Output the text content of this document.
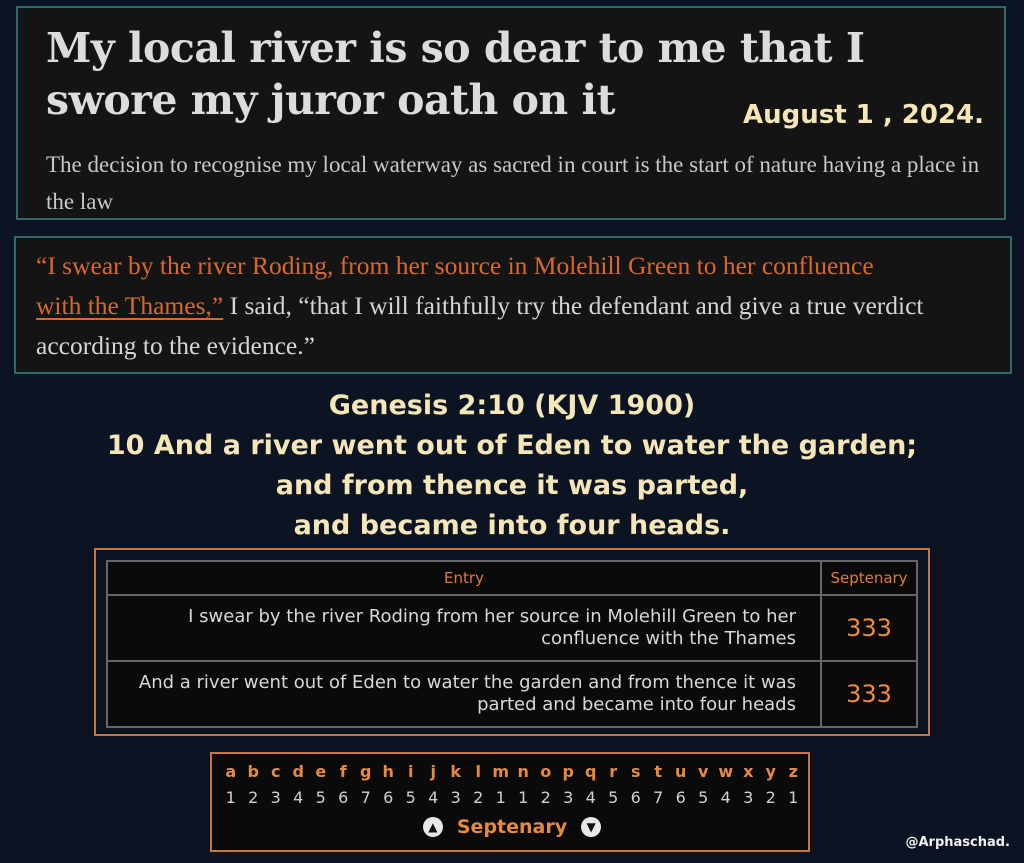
My local river is so dear to me that I swore my juror oath on it	August 1 , 2024.

The decision to recognise my local waterway as sacred in court is the start of nature having a place in the law

“I swear by the river Roding, from her source in Molehill Green to her confluence
with the Thames,” I said, “that I will faithfully try the defendant and give a true verdict according to the evidence.”

Genesis 2:10 (KJV 1900)
10 And a river went out of Eden to water the garden;
and from thence it was parted,
and became into four heads.
Entry	Septenary
I swear by the river Roding from her source in Molehill Green to her confluence with the Thames	333
And a river went out of Eden to water the garden and from thence it was parted and became into four heads	333
a b c d e f g h i	j k l m n o p q r s t u v w x y z
1 2 3 4 5 6 7 6 5 4 3 2 1 1 2 3 4 5 6 7 6 5 4 3 2 1
▲ Septenary	▼
@Arphaschad.
